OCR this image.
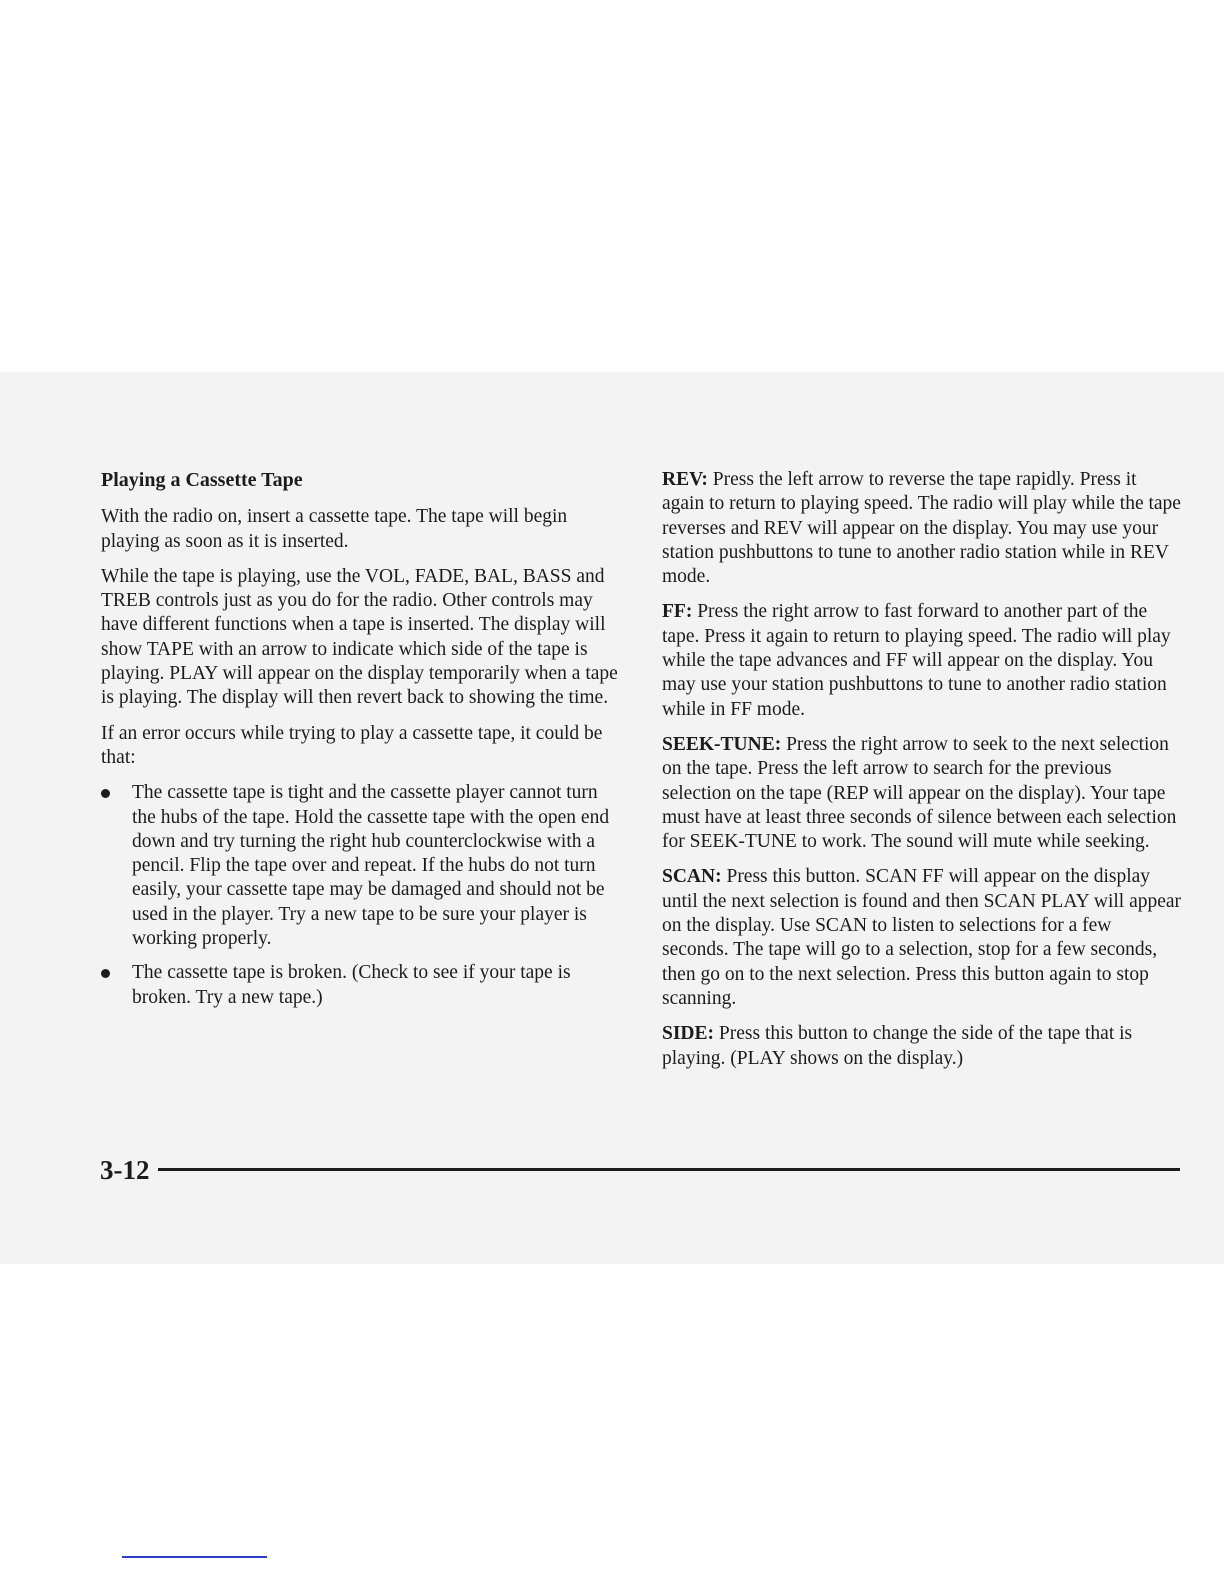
Playing a Cassette Tape

With the radio on, insert a cassette tape. The tape will begin playing as soon as it is inserted.

While the tape is playing, use the VOL, FADE, BAL, BASS and TREB controls just as you do for the radio. Other controls may have different functions when a tape is inserted. The display will show TAPE with an arrow to indicate which side of the tape is playing. PLAY will appear on the display temporarily when a tape is playing. The display will then revert back to showing the time.

If an error occurs while trying to play a cassette tape, it could be that:

The cassette tape is tight and the cassette player cannot turn the hubs of the tape. Hold the cassette tape with the open end down and try turning the right hub counterclockwise with a pencil. Flip the tape over and repeat. If the hubs do not turn easily, your cassette tape may be damaged and should not be used in the player. Try a new tape to be sure your player is working properly.
The cassette tape is broken. (Check to see if your tape is broken. Try a new tape.)

REV: Press the left arrow to reverse the tape rapidly. Press it again to return to playing speed. The radio will play while the tape reverses and REV will appear on the display. You may use your station pushbuttons to tune to another radio station while in REV mode.

FF: Press the right arrow to fast forward to another part of the tape. Press it again to return to playing speed. The radio will play while the tape advances and FF will appear on the display. You may use your station pushbuttons to tune to another radio station while in FF mode.

SEEK-TUNE: Press the right arrow to seek to the next selection on the tape. Press the left arrow to search for the previous selection on the tape (REP will appear on the display). Your tape must have at least three seconds of silence between each selection for SEEK-TUNE to work. The sound will mute while seeking.

SCAN: Press this button. SCAN FF will appear on the display until the next selection is found and then SCAN PLAY will appear on the display. Use SCAN to listen to selections for a few seconds. The tape will go to a selection, stop for a few seconds, then go on to the next selection. Press this button again to stop scanning.

SIDE: Press this button to change the side of the tape that is playing. (PLAY shows on the display.)

3-12
